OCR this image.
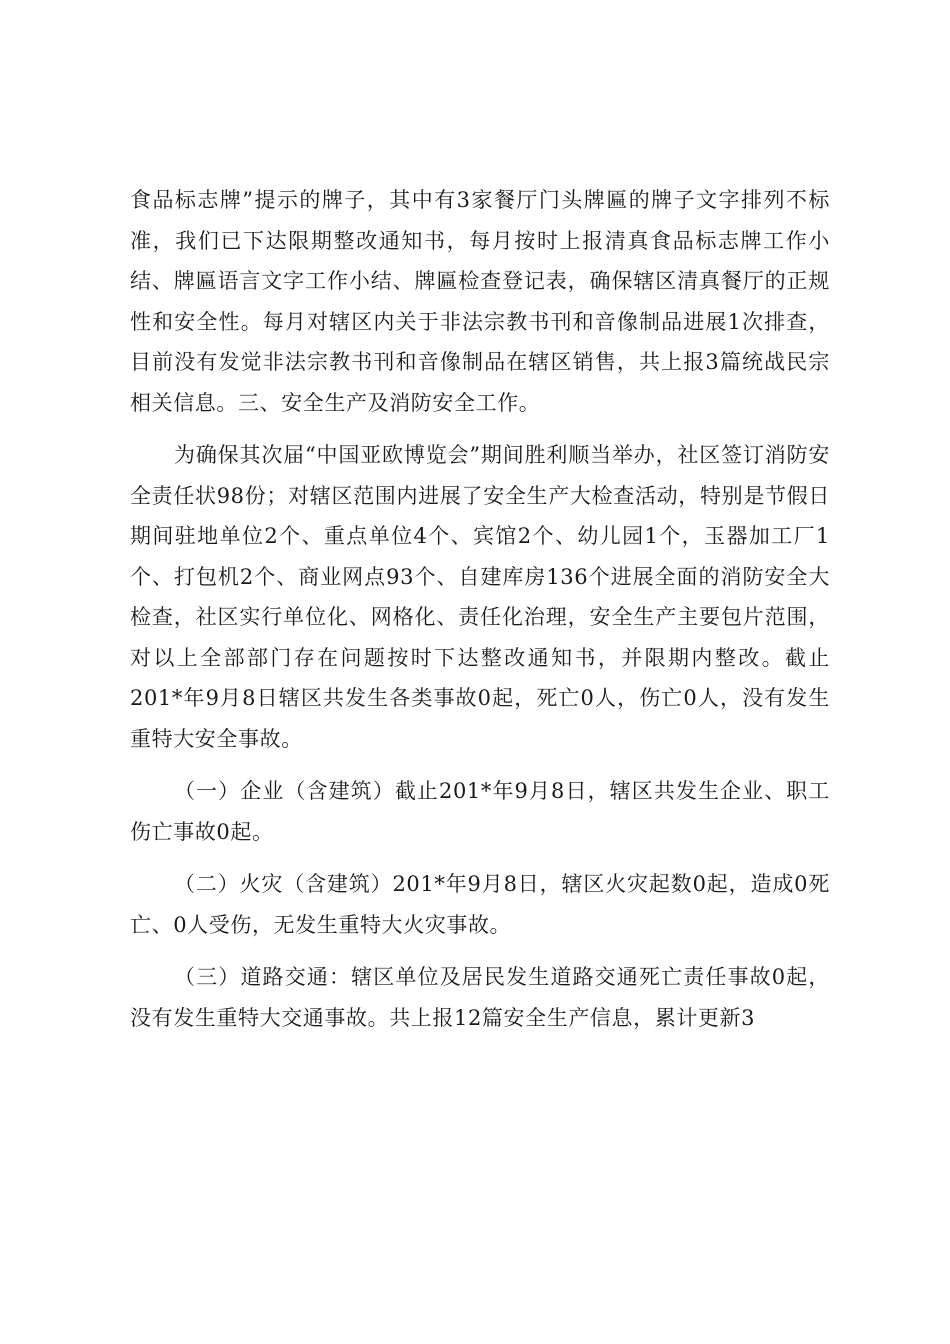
食品标志牌”提示的牌子，其中有3家餐厅门头牌匾的牌子文字排列不标准，我们已下达限期整改通知书，每月按时上报清真食品标志牌工作小结、牌匾语言文字工作小结、牌匾检查登记表，确保辖区清真餐厅的正规性和安全性。每月对辖区内关于非法宗教书刊和音像制品进展1次排查，目前没有发觉非法宗教书刊和音像制品在辖区销售，共上报3篇统战民宗相关信息。三、安全生产及消防安全工作。

为确保其次届“中国亚欧博览会”期间胜利顺当举办，社区签订消防安全责任状98份；对辖区范围内进展了安全生产大检查活动，特别是节假日期间驻地单位2个、重点单位4个、宾馆2个、幼儿园1个，玉器加工厂1个、打包机2个、商业网点93个、自建库房136个进展全面的消防安全大检查，社区实行单位化、网格化、责任化治理，安全生产主要包片范围，对以上全部部门存在问题按时下达整改通知书，并限期内整改。截止201*年9月8日辖区共发生各类事故0起，死亡0人，伤亡0人，没有发生重特大安全事故。

（一）企业（含建筑）截止201*年9月8日，辖区共发生企业、职工伤亡事故0起。

（二）火灾（含建筑）201*年9月8日，辖区火灾起数0起，造成0死亡、0人受伤，无发生重特大火灾事故。

（三）道路交通：辖区单位及居民发生道路交通死亡责任事故0起，没有发生重特大交通事故。共上报12篇安全生产信息，累计更新3
